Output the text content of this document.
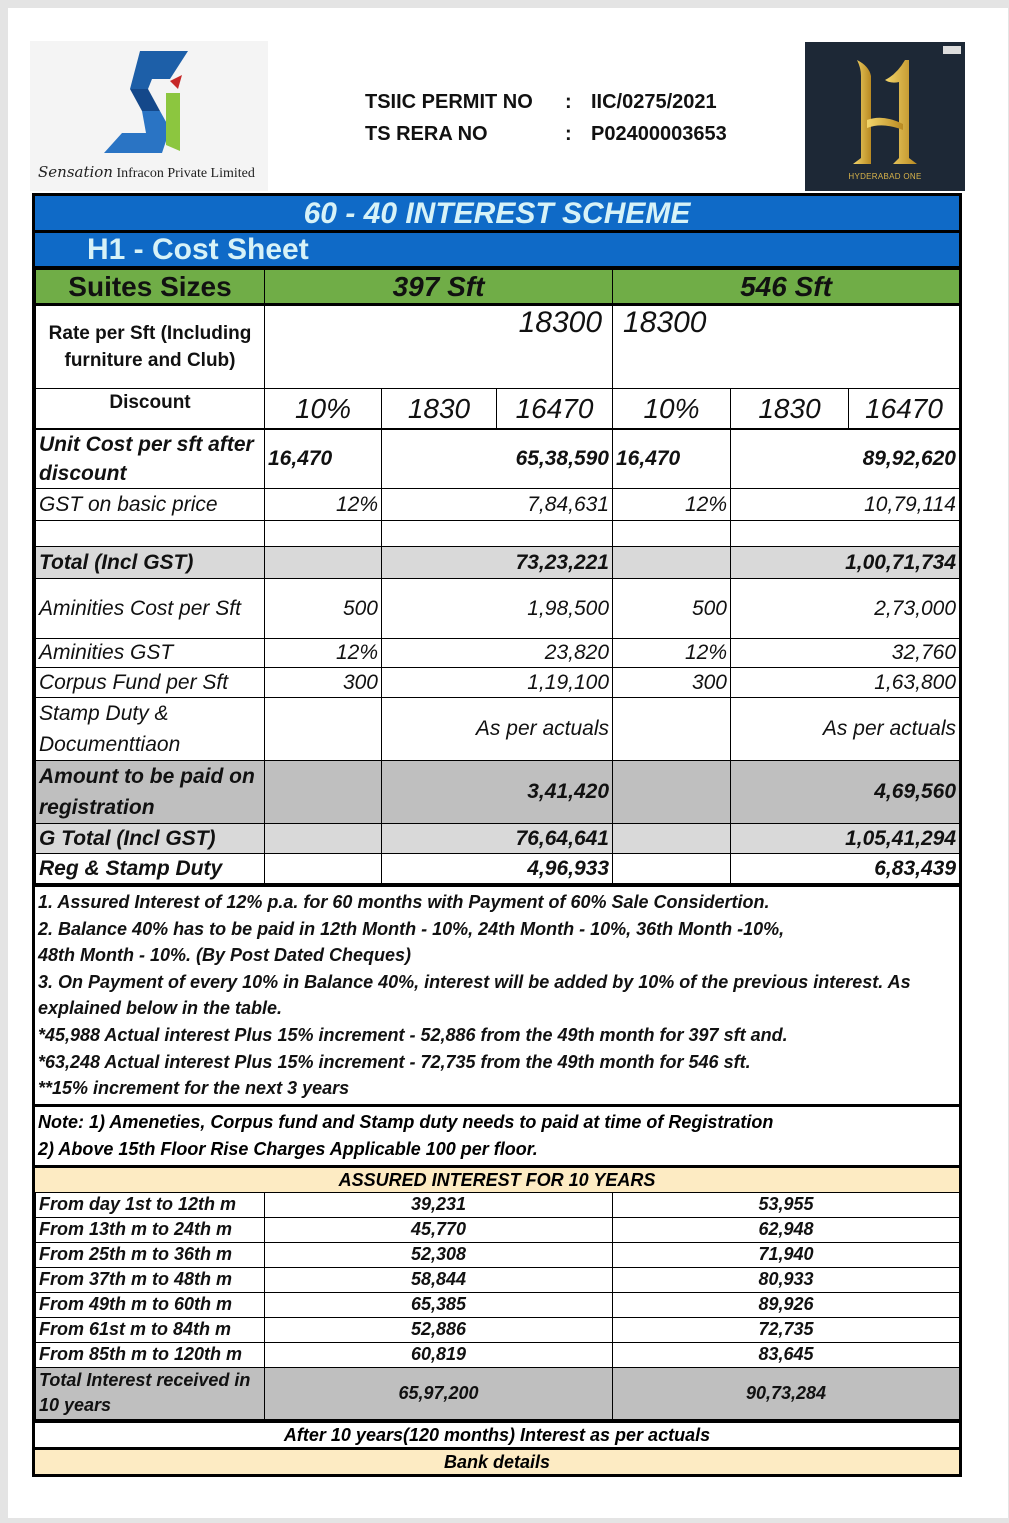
Sensation Infracon Private Limited
TSIIC PERMIT NO	: IIC/0275/2021
TS RERA NO	: P02400003653
HYDERABAD ONE
60 - 40 INTEREST SCHEME
H1 - Cost Sheet
Suites Sizes	397 Sft			546 Sft		
Rate per Sft (Including furniture and Club)	18300			18300		
Discount	10%	1830	16470	10%	1830	16470
Unit Cost per sft after discount	16,470	65,38,590	16,470	89,92,620
GST on basic price	12%	7,84,631	12%	10,79,114

Total (Incl GST)		73,23,221		1,00,71,734
Aminities Cost per Sft	500	1,98,500	500	2,73,000
Aminities GST	12%	23,820	12%	32,760
Corpus Fund per Sft	300	1,19,100	300	1,63,800
Stamp Duty & Documenttiaon		As per actuals		As per actuals
Amount to be paid on registration		3,41,420		4,69,560
G Total (Incl GST)		76,64,641		1,05,41,294
Reg & Stamp Duty		4,96,933		6,83,439
1. Assured Interest of 12% p.a. for 60 months with Payment of 60% Sale Considertion.
2. Balance 40% has to be paid in 12th Month - 10%, 24th Month - 10%, 36th Month -10%,
48th Month - 10%. (By Post Dated Cheques)
3. On Payment of every 10% in Balance 40%, interest will be added by 10% of the previous interest. As
explained below in the table.
*45,988 Actual interest Plus 15% increment - 52,886 from the 49th month for 397 sft and.
*63,248 Actual interest Plus 15% increment - 72,735 from the 49th month for 546 sft.
**15% increment for the next 3 years
Note: 1) Ameneties, Corpus fund and Stamp duty needs to paid at time of Registration
2) Above 15th Floor Rise Charges Applicable 100 per floor.
ASSURED INTEREST FOR 10 YEARS
From day 1st to 12th m	39,231	53,955
From 13th m to 24th m	45,770	62,948
From 25th m to 36th m	52,308	71,940
From 37th m to 48th m	58,844	80,933
From 49th m to 60th m	65,385	89,926
From 61st m to 84th m	52,886	72,735
From 85th m to 120th m	60,819	83,645
Total Interest received in 10 years	65,97,200	90,73,284
After 10 years(120 months) Interest as per actuals
Bank details
